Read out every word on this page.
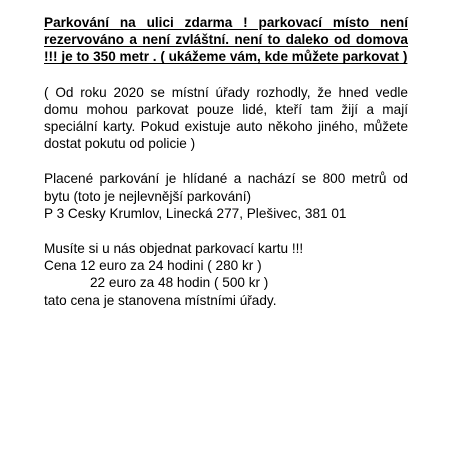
Parkování na ulici zdarma ! parkovací místo není rezervováno a není zvláštní. není to daleko od domova !!! je to 350 metr . ( ukážeme vám, kde můžete parkovat )

( Od roku 2020 se místní úřady rozhodly, že hned vedle domu mohou parkovat pouze lidé, kteří tam žijí a mají speciální karty. Pokud existuje auto někoho jiného, můžete dostat pokutu od policie )

Placené parkování je hlídané a nachází se 800 metrů od bytu (toto je nejlevnější parkování)
P 3 Cesky Krumlov, Linecká 277, Plešivec, 381 01
Musíte si u nás objednat parkovací kartu !!!
Cena 12 euro za 24 hodini ( 280 kr )
22 euro za 48 hodin ( 500 kr )
tato cena je stanovena místními úřady.
